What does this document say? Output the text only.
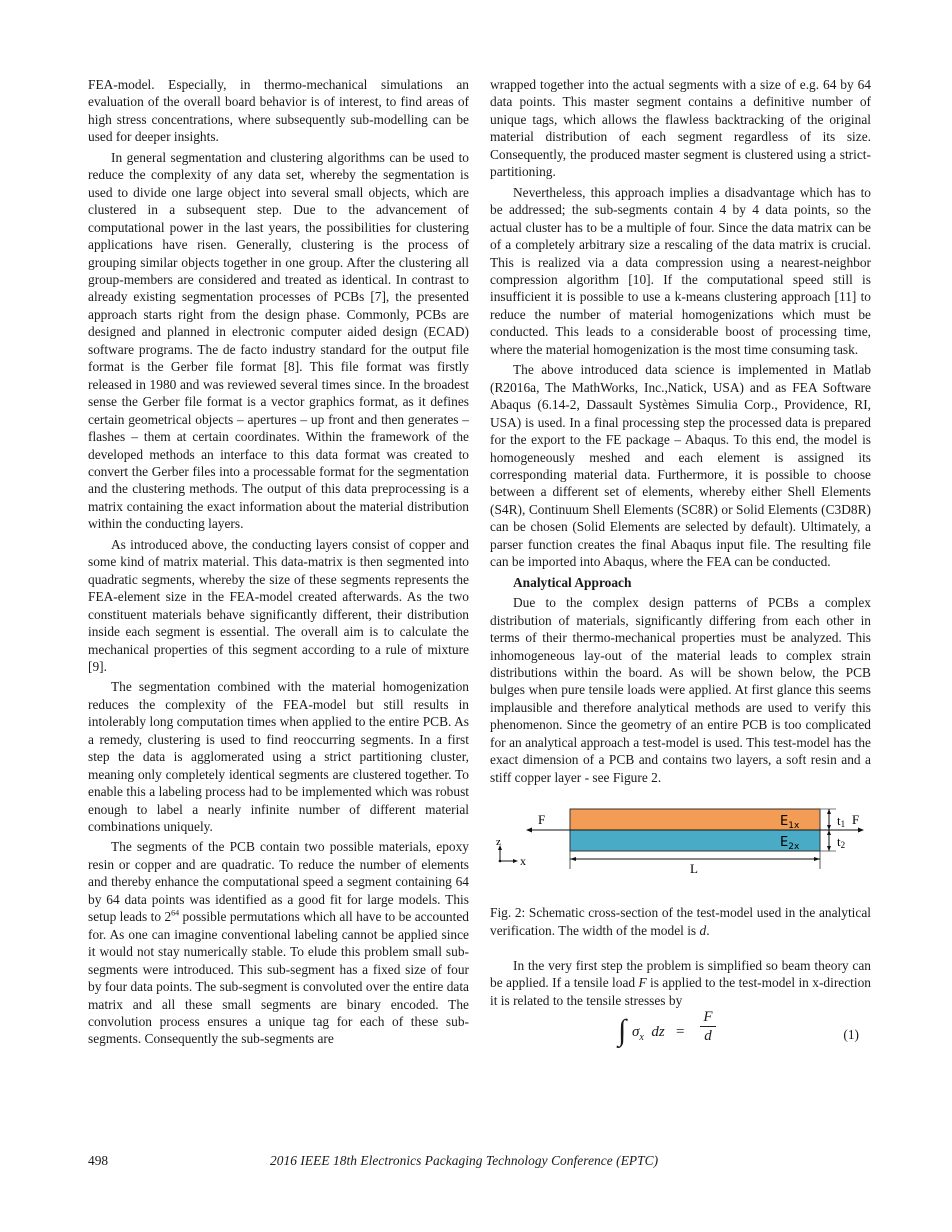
FEA-model. Especially, in thermo-mechanical simulations an evaluation of the overall board behavior is of interest, to find areas of high stress concentrations, where subsequently sub-modelling can be used for deeper insights.

In general segmentation and clustering algorithms can be used to reduce the complexity of any data set, whereby the segmentation is used to divide one large object into several small objects, which are clustered in a subsequent step. Due to the advancement of computational power in the last years, the possibilities for clustering applications have risen. Generally, clustering is the process of grouping similar objects together in one group. After the clustering all group-members are considered and treated as identical. In contrast to already existing segmentation processes of PCBs [7], the presented approach starts right from the design phase. Commonly, PCBs are designed and planned in electronic computer aided design (ECAD) software programs. The de facto industry standard for the output file format is the Gerber file format [8]. This file format was firstly released in 1980 and was reviewed several times since. In the broadest sense the Gerber file format is a vector graphics format, as it defines certain geometrical objects – apertures – up front and then generates – flashes – them at certain coordinates. Within the framework of the developed methods an interface to this data format was created to convert the Gerber files into a processable format for the segmentation and the clustering methods. The output of this data preprocessing is a matrix containing the exact information about the material distribution within the conducting layers.

As introduced above, the conducting layers consist of copper and some kind of matrix material. This data-matrix is then segmented into quadratic segments, whereby the size of these segments represents the FEA-element size in the FEA-model created afterwards. As the two constituent materials behave significantly different, their distribution inside each segment is essential. The overall aim is to calculate the mechanical properties of this segment according to a rule of mixture [9].

The segmentation combined with the material homogenization reduces the complexity of the FEA-model but still results in intolerably long computation times when applied to the entire PCB. As a remedy, clustering is used to find reoccurring segments. In a first step the data is agglomerated using a strict partitioning cluster, meaning only completely identical segments are clustered together. To enable this a labeling process had to be implemented which was robust enough to label a nearly infinite number of different material combinations uniquely.

The segments of the PCB contain two possible materials, epoxy resin or copper and are quadratic. To reduce the number of elements and thereby enhance the computational speed a segment containing 64 by 64 data points was identified as a good fit for large models. This setup leads to $2^{64}$ possible permutations which all have to be accounted for. As one can imagine conventional labeling cannot be applied since it would not stay numerically stable. To elude this problem small sub-segments were introduced. This sub-segment has a fixed size of four by four data points. The sub-segment is convoluted over the entire data matrix and all these small segments are binary encoded. The convolution process ensures a unique tag for each of these sub-segments. Consequently the sub-segments are

wrapped together into the actual segments with a size of e.g. 64 by 64 data points. This master segment contains a definitive number of unique tags, which allows the flawless backtracking of the original material distribution of each segment regardless of its size. Consequently, the produced master segment is clustered using a strict-partitioning.

Nevertheless, this approach implies a disadvantage which has to be addressed; the sub-segments contain 4 by 4 data points, so the actual cluster has to be a multiple of four. Since the data matrix can be of a completely arbitrary size a rescaling of the data matrix is crucial. This is realized via a data compression using a nearest-neighbor compression algorithm [10]. If the computational speed still is insufficient it is possible to use a k-means clustering approach [11] to reduce the number of material homogenizations which must be conducted. This leads to a considerable boost of processing time, where the material homogenization is the most time consuming task.

The above introduced data science is implemented in Matlab (R2016a, The MathWorks, Inc.,Natick, USA) and as FEA Software Abaqus (6.14-2, Dassault Systèmes Simulia Corp., Providence, RI, USA) is used. In a final processing step the processed data is prepared for the export to the FE package – Abaqus. To this end, the model is homogeneously meshed and each element is assigned its corresponding material data. Furthermore, it is possible to choose between a different set of elements, whereby either Shell Elements (S4R), Continuum Shell Elements (SC8R) or Solid Elements (C3D8R) can be chosen (Solid Elements are selected by default). Ultimately, a parser function creates the final Abaqus input file. The resulting file can be imported into Abaqus, where the FEA can be conducted.

Analytical Approach

Due to the complex design patterns of PCBs a complex distribution of materials, significantly differing from each other in terms of their thermo-mechanical properties must be analyzed. This inhomogeneous lay-out of the material leads to complex strain distributions within the board. As will be shown below, the PCB bulges when pure tensile loads were applied. At first glance this seems implausible and therefore analytical methods are used to verify this phenomenon. Since the geometry of an entire PCB is too complicated for an analytical approach a test-model is used. This test-model has the exact dimension of a PCB and contains two layers, a soft resin and a stiff copper layer - see Figure 2.

F	F
$E_{1x}$
$E_{2x}$
t1
t2
L
z
x

Fig. 2: Schematic cross-section of the test-model used in the analytical verification. The width of the model is d.

In the very first step the problem is simplified so beam theory can be applied. If a tensile load F is applied to the test-model in x-direction it is related to the tensile stresses by

∫ $\sigma_x$ dz = $\frac{F}{d}$	(1)
498	2016 IEEE 18th Electronics Packaging Technology Conference (EPTC)
